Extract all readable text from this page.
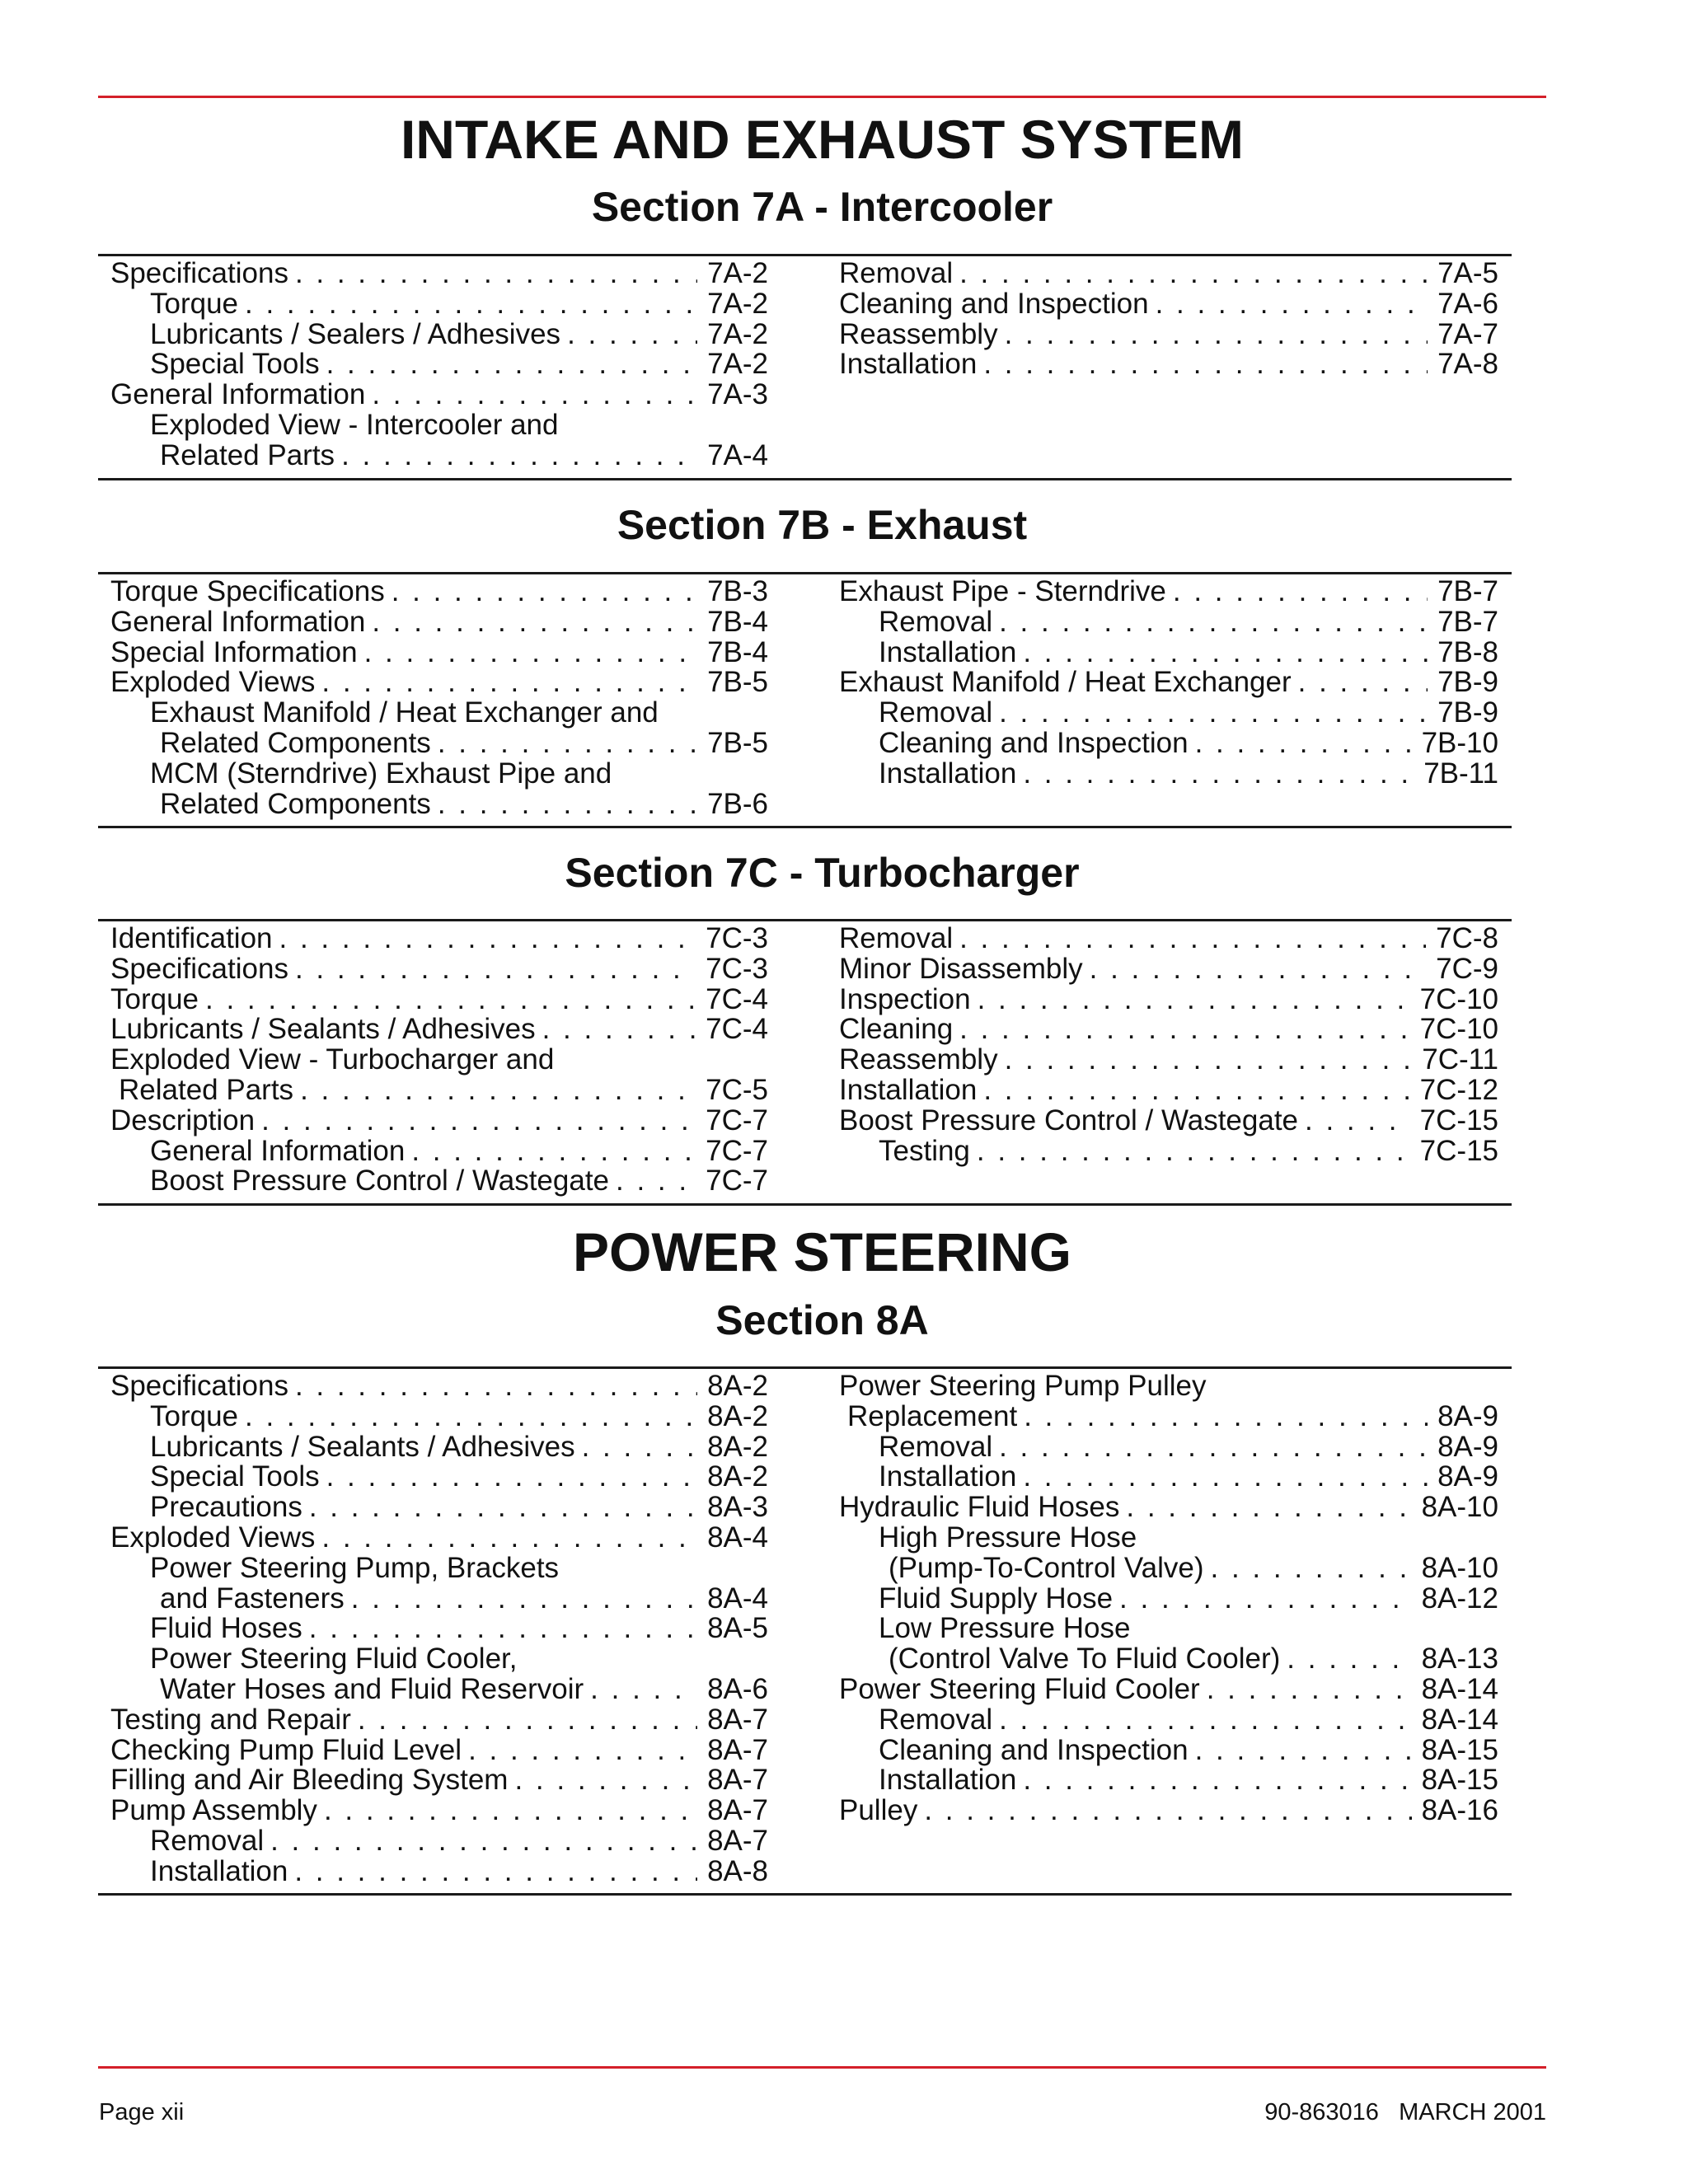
INTAKE AND EXHAUST SYSTEM
Section 7A - Intercooler
Specifications . . .	7A-2
Torque . . .	7A-2
Lubricants / Sealers / Adhesives . . .	7A-2
Special Tools . . .	7A-2
General Information . . .	7A-3
Exploded View - Intercooler and
Related Parts . . .	7A-4
Removal . . .	7A-5
Cleaning and Inspection . . .	7A-6
Reassembly . . .	7A-7
Installation . . .	7A-8
Section 7B - Exhaust
Torque Specifications . . .	7B-3
General Information . . .	7B-4
Special Information . . .	7B-4
Exploded Views . . .	7B-5
Exhaust Manifold / Heat Exchanger and
Related Components . . .	7B-5
MCM (Sterndrive) Exhaust Pipe and
Related Components . . .	7B-6
Exhaust Pipe - Sterndrive . . .	7B-7
Removal . . .	7B-7
Installation . . .	7B-8
Exhaust Manifold / Heat Exchanger . . .	7B-9
Removal . . .	7B-9
Cleaning and Inspection . . .	7B-10
Installation . . .	7B-11
Section 7C - Turbocharger
Identification . . .	7C-3
Specifications . . .	7C-3
Torque . . .	7C-4
Lubricants / Sealants / Adhesives . . .	7C-4
Exploded View - Turbocharger and
Related Parts . . .	7C-5
Description . . .	7C-7
General Information . . .	7C-7
Boost Pressure Control / Wastegate . . .	7C-7
Removal . . .	7C-8
Minor Disassembly . . .	7C-9
Inspection . . .	7C-10
Cleaning . . .	7C-10
Reassembly . . .	7C-11
Installation . . .	7C-12
Boost Pressure Control / Wastegate . . .	7C-15
Testing . . .	7C-15
POWER STEERING
Section 8A
Specifications . . .	8A-2
Torque . . .	8A-2
Lubricants / Sealants / Adhesives . . .	8A-2
Special Tools . . .	8A-2
Precautions . . .	8A-3
Exploded Views . . .	8A-4
Power Steering Pump, Brackets
and Fasteners . . .	8A-4
Fluid Hoses . . .	8A-5
Power Steering Fluid Cooler,
Water Hoses and Fluid Reservoir . . .	8A-6
Testing and Repair . . .	8A-7
Checking Pump Fluid Level . . .	8A-7
Filling and Air Bleeding System . . .	8A-7
Pump Assembly . . .	8A-7
Removal . . .	8A-7
Installation . . .	8A-8
Power Steering Pump Pulley
Replacement . . .	8A-9
Removal . . .	8A-9
Installation . . .	8A-9
Hydraulic Fluid Hoses . . .	8A-10
High Pressure Hose
(Pump-To-Control Valve) . . .	8A-10
Fluid Supply Hose . . .	8A-12
Low Pressure Hose
(Control Valve To Fluid Cooler) . . .	8A-13
Power Steering Fluid Cooler . . .	8A-14
Removal . . .	8A-14
Cleaning and Inspection . . .	8A-15
Installation . . .	8A-15
Pulley . . .	8A-16
Page xii	90-863016   MARCH 2001
